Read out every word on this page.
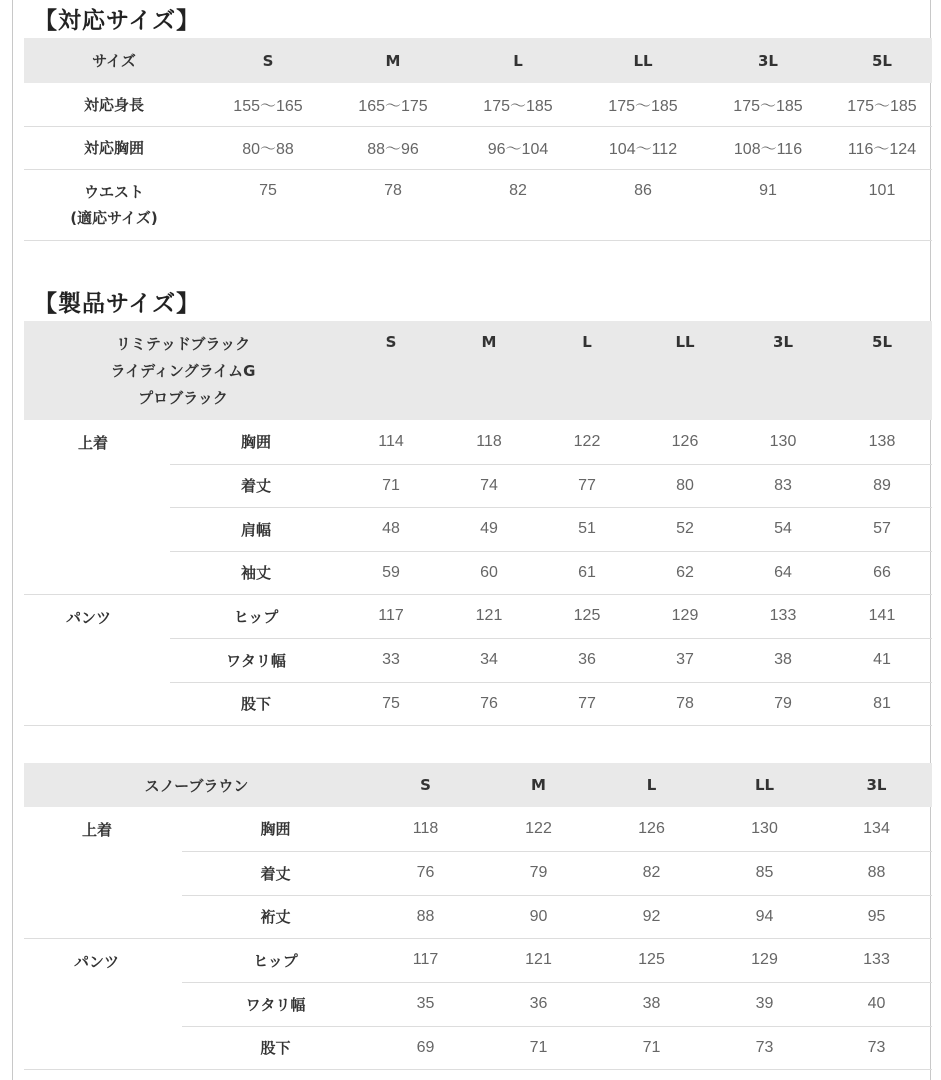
【対応サイズ】
サイズ	S	M	L	LL	3L	5L
対応身長	155〜165	165〜175	175〜185	175〜185	175〜185	175〜185
対応胸囲	80〜88	88〜96	96〜104	104〜112	108〜116	116〜124

ウエスト
(適応サイズ)	75	78	82	86	91	101
【製品サイズ】
リミテッドブラック
ライディングライムG
プロブラック		S	M	L	LL	3L	5L
上着	胸囲	114	118	122	126	130	138
	着丈	71	74	77	80	83	89
	肩幅	48	49	51	52	54	57
	袖丈	59	60	61	62	64	66
パンツ	ヒップ	117	121	125	129	133	141
	ワタリ幅	33	34	36	37	38	41
	股下	75	76	77	78	79	81
スノーブラウン		S	M	L	LL	3L
上着	胸囲	118	122	126	130	134
	着丈	76	79	82	85	88
	裄丈	88	90	92	94	95
パンツ	ヒップ	117	121	125	129	133
	ワタリ幅	35	36	38	39	40
	股下	69	71	71	73	73
